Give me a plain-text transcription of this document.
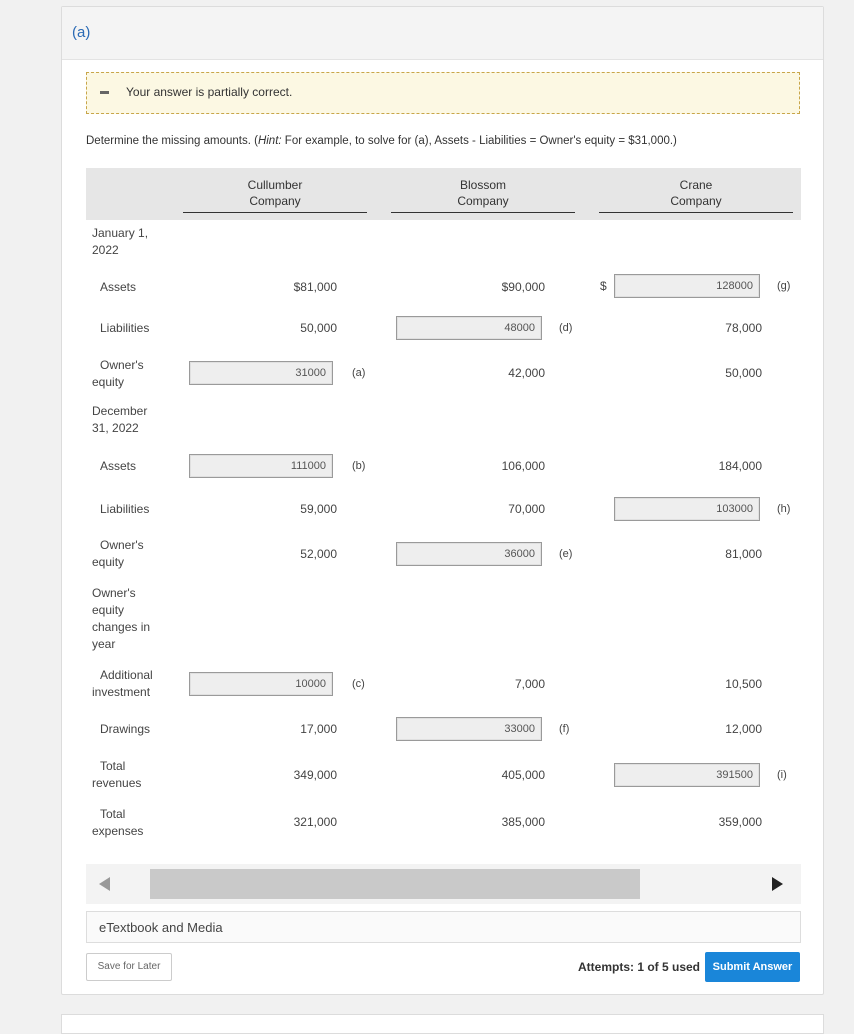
(a)
Your answer is partially correct.
Determine the missing amounts. (Hint: For example, to solve for (a), Assets - Liabilities = Owner's equity = $31,000.)
Cullumber
Company
Blossom
Company
Crane
Company
January 1,
2022
Assets	$81,000	$90,000	$	128000	(g)
Liabilities	50,000	48000	(d)	78,000
Owner's
equity
31000	(a)	42,000	50,000
December
31, 2022
Assets	111000	(b)	106,000	184,000
Liabilities	59,000	70,000	103000	(h)
Owner's
equity
52,000	36000	(e)	81,000
Owner's
equity
changes in
year
Additional
investment
10000	(c)	7,000	10,500
Drawings	17,000	33000	(f)	12,000
Total
revenues
349,000	405,000	391500	(i)
Total
expenses
321,000	385,000	359,000
eTextbook and Media
Save for Later	Attempts: 1 of 5 used	Submit Answer
